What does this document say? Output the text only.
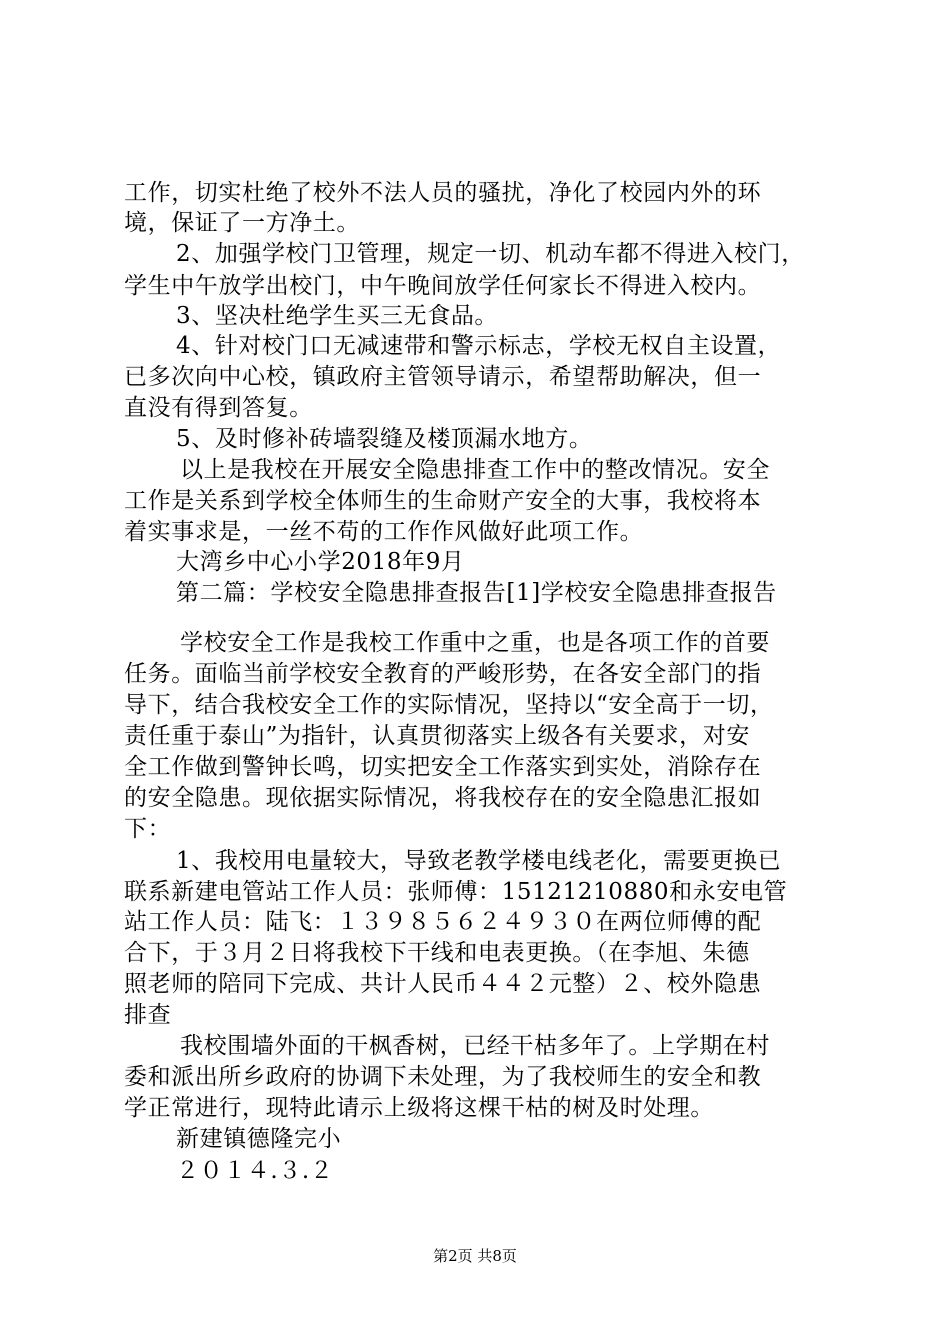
工作，切实杜绝了校外不法人员的骚扰，净化了校园内外的环
境，保证了一方净土。
2、加强学校门卫管理，规定一切、机动车都不得进入校门，
学生中午放学出校门，中午晚间放学任何家长不得进入校内。
3、坚决杜绝学生买三无食品。
4、针对校门口无减速带和警示标志，学校无权自主设置，
已多次向中心校，镇政府主管领导请示，希望帮助解决，但一
直没有得到答复。
5、及时修补砖墙裂缝及楼顶漏水地方。
以上是我校在开展安全隐患排查工作中的整改情况。安全
工作是关系到学校全体师生的生命财产安全的大事，我校将本
着实事求是，一丝不苟的工作作风做好此项工作。
大湾乡中心小学2018年9月
第二篇：学校安全隐患排查报告[1]学校安全隐患排查报告
学校安全工作是我校工作重中之重，也是各项工作的首要
任务。面临当前学校安全教育的严峻形势，在各安全部门的指
导下，结合我校安全工作的实际情况，坚持以“安全高于一切，
责任重于泰山”为指针，认真贯彻落实上级各有关要求，对安
全工作做到警钟长鸣，切实把安全工作落实到实处，消除存在
的安全隐患。现依据实际情况，将我校存在的安全隐患汇报如
下：
1、我校用电量较大，导致老教学楼电线老化，需要更换已
联系新建电管站工作人员：张师傅：15121210880和永安电管
站工作人员：陆飞：１３９８５６２４９３０在两位师傅的配
合下，于３月２日将我校下干线和电表更换。（在李旭、朱德
照老师的陪同下完成、共计人民币４４２元整）２、校外隐患
排查
我校围墙外面的干枫香树，已经干枯多年了。上学期在村
委和派出所乡政府的协调下未处理，为了我校师生的安全和教
学正常进行，现特此请示上级将这棵干枯的树及时处理。
新建镇德隆完小
２０１４.３.２
第2页 共8页
